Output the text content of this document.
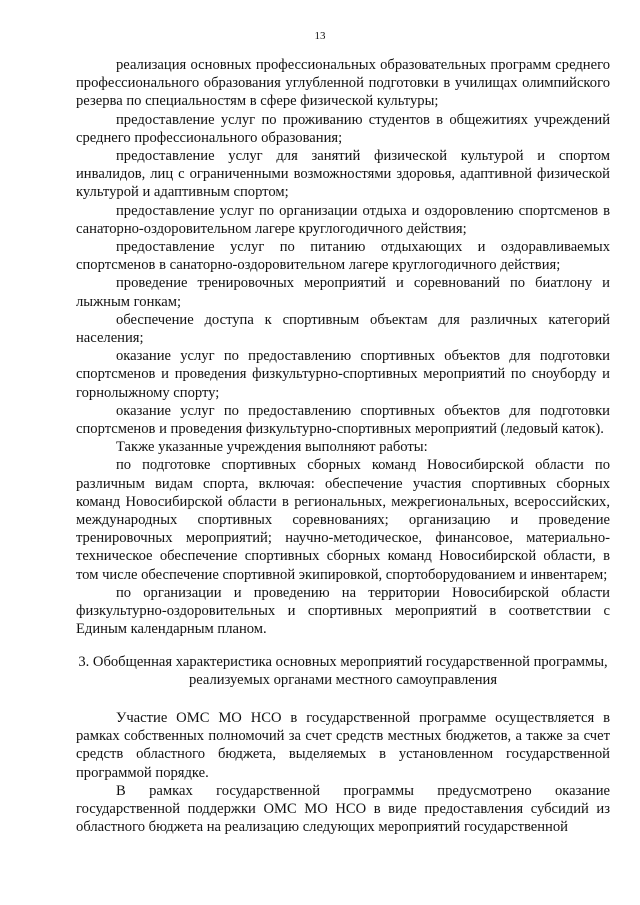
13

реализация основных профессиональных образовательных программ среднего профессионального образования углубленной подготовки в училищах олимпийского резерва по специальностям в сфере физической культуры;

предоставление услуг по проживанию студентов в общежитиях учреждений среднего профессионального образования;

предоставление услуг для занятий физической культурой и спортом инвалидов, лиц с ограниченными возможностями здоровья, адаптивной физической культурой и адаптивным спортом;

предоставление услуг по организации отдыха и оздоровлению спортсменов в санаторно-оздоровительном лагере круглогодичного действия;

предоставление услуг по питанию отдыхающих и оздоравливаемых спортсменов в санаторно-оздоровительном лагере круглогодичного действия;

проведение тренировочных мероприятий и соревнований по биатлону и лыжным гонкам;

обеспечение доступа к спортивным объектам для различных категорий населения;

оказание услуг по предоставлению спортивных объектов для подготовки спортсменов и проведения физкультурно-спортивных мероприятий по сноуборду и горнолыжному спорту;

оказание услуг по предоставлению спортивных объектов для подготовки спортсменов и проведения физкультурно-спортивных мероприятий (ледовый каток).

Также указанные учреждения выполняют работы:

по подготовке спортивных сборных команд Новосибирской области по различным видам спорта, включая: обеспечение участия спортивных сборных команд Новосибирской области в региональных, межрегиональных, всероссийских, международных спортивных соревнованиях; организацию и проведение тренировочных мероприятий; научно-методическое, финансовое, материально-техническое обеспечение спортивных сборных команд Новосибирской области, в том числе обеспечение спортивной экипировкой, спортоборудованием и инвентарем;

по организации и проведению на территории Новосибирской области физкультурно-оздоровительных и спортивных мероприятий в соответствии с Единым календарным планом.

3. Обобщенная характеристика основных мероприятий государственной программы, реализуемых органами местного самоуправления

Участие ОМС МО НСО в государственной программе осуществляется в рамках собственных полномочий за счет средств местных бюджетов, а также за счет средств областного бюджета, выделяемых в установленном государственной программой порядке.

В рамках государственной программы предусмотрено оказание государственной поддержки ОМС МО НСО в виде предоставления субсидий из областного бюджета на реализацию следующих мероприятий государственной
